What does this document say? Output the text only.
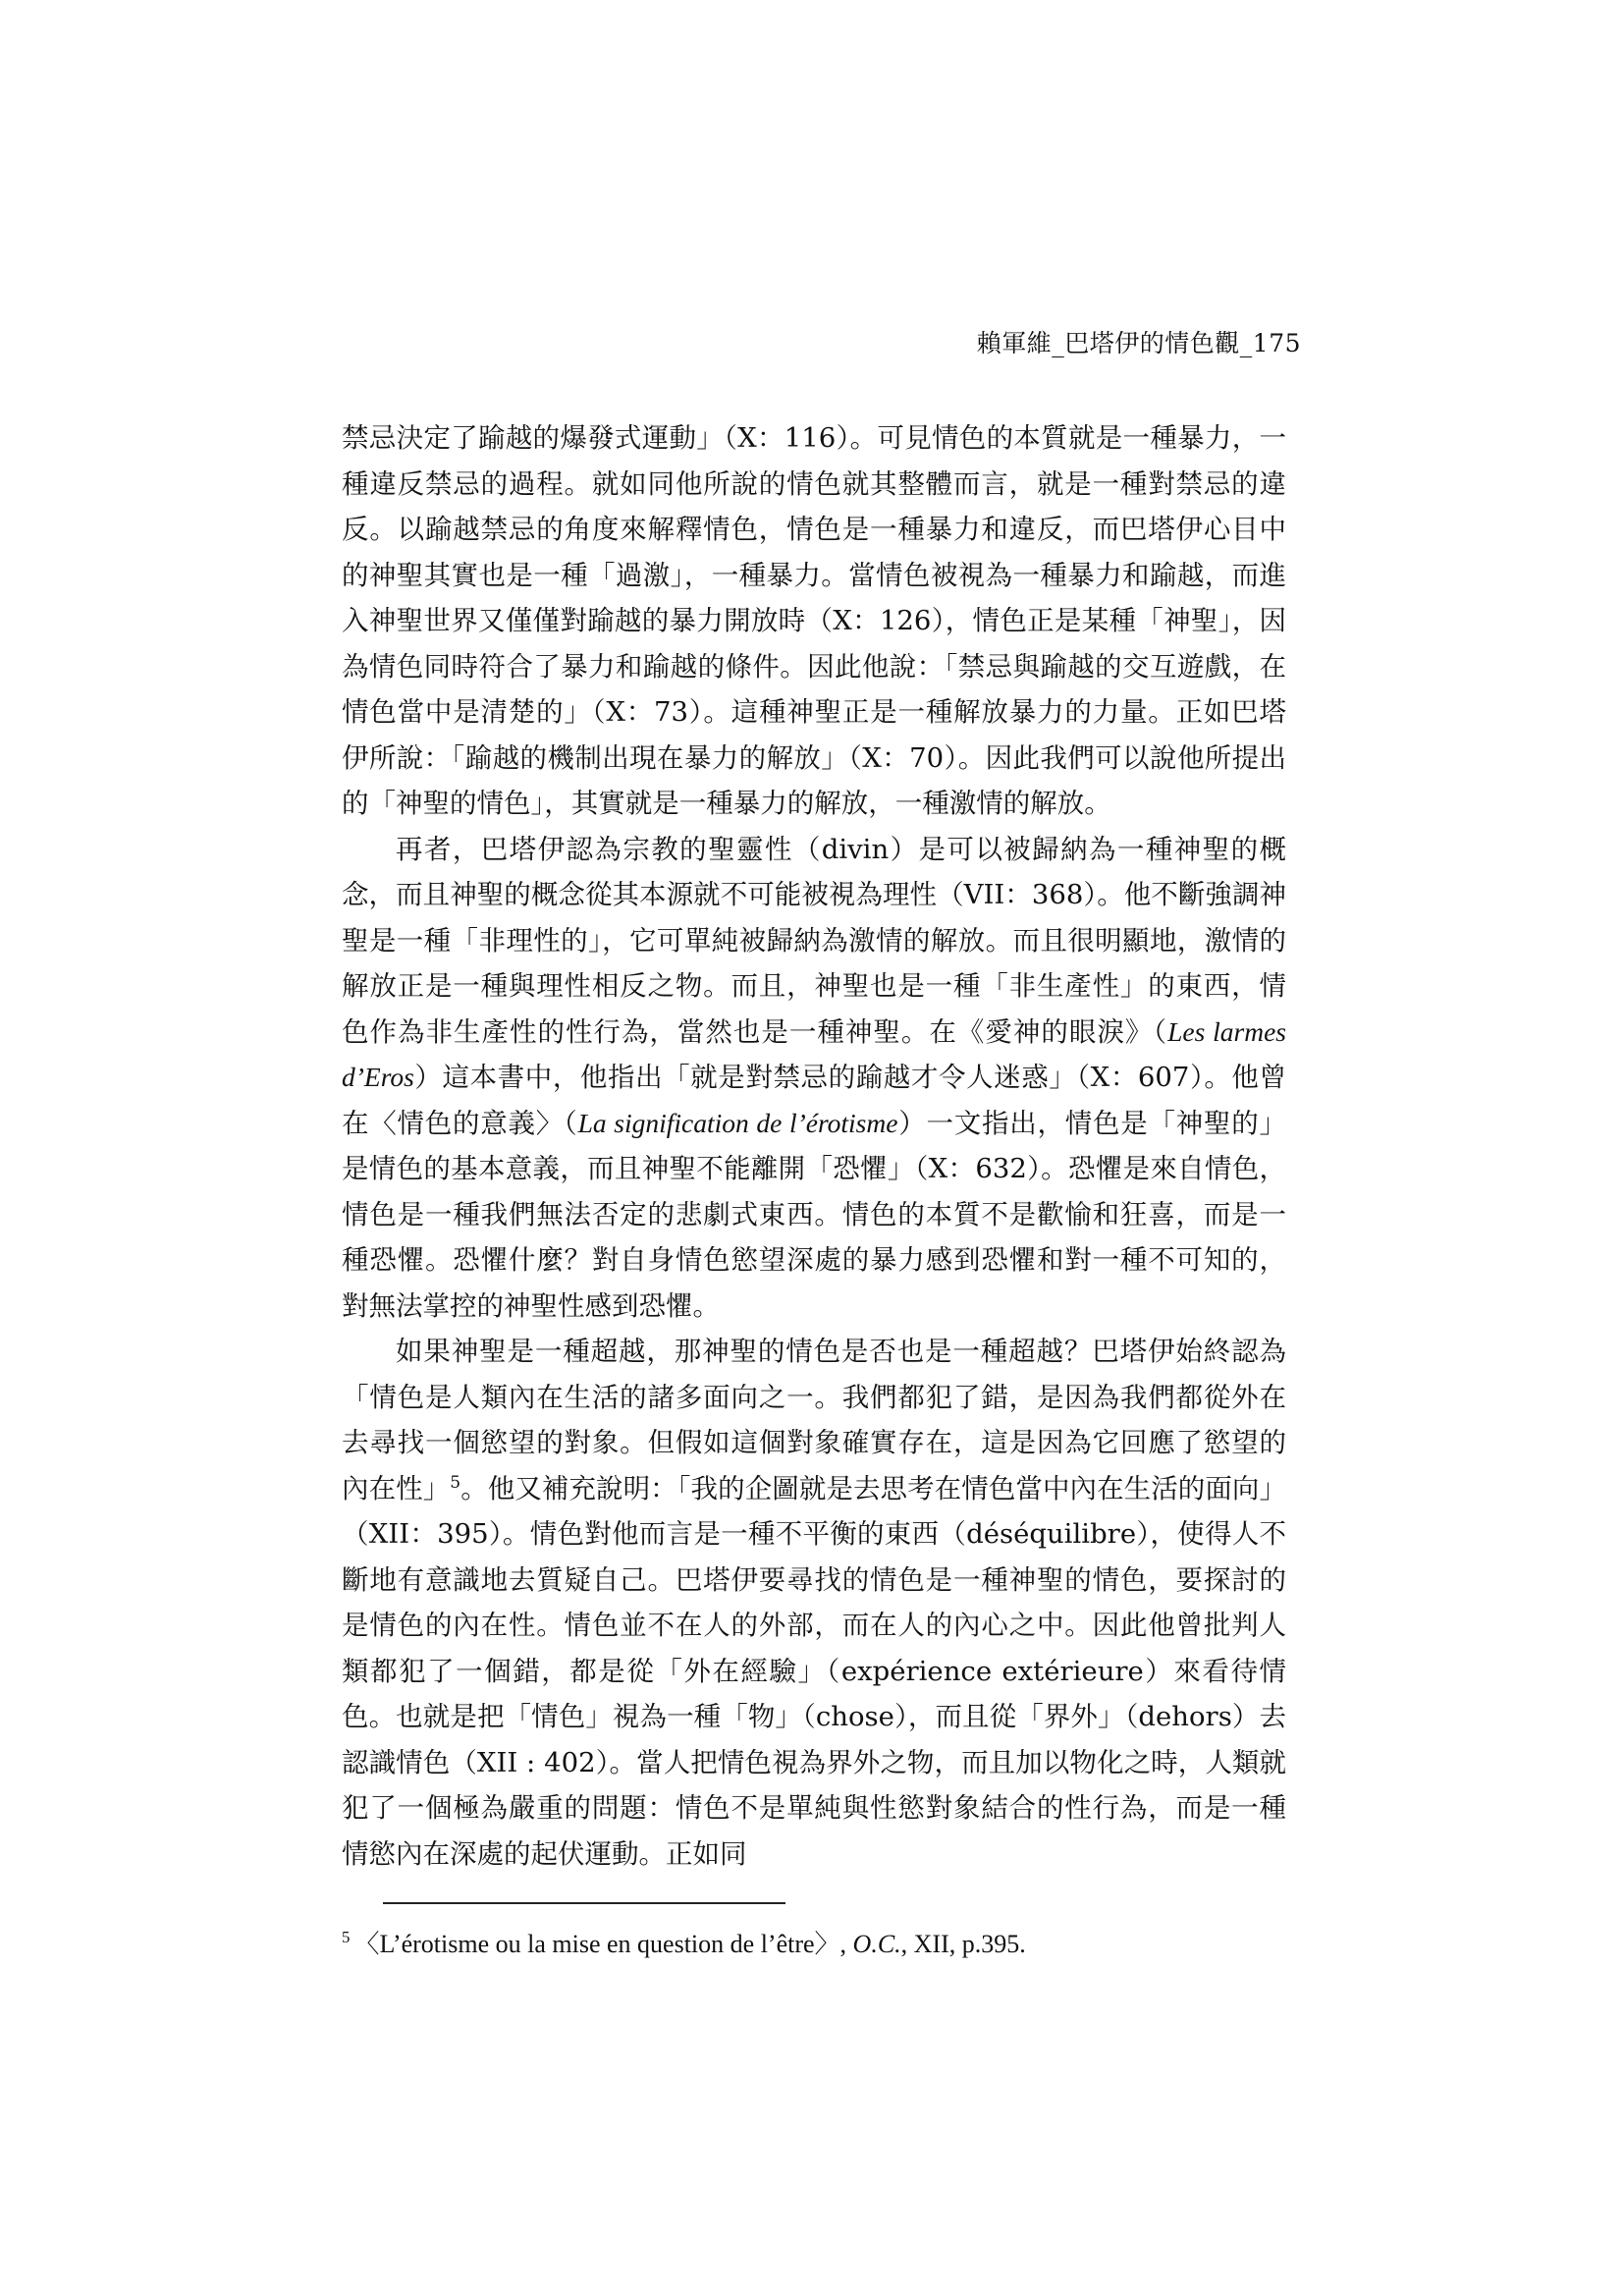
賴軍維_巴塔伊的情色觀_175

禁忌決定了踰越的爆發式運動」（X：116）。可見情色的本質就是一種暴力，一種違反禁忌的過程。就如同他所說的情色就其整體而言，就是一種對禁忌的違反。以踰越禁忌的角度來解釋情色，情色是一種暴力和違反，而巴塔伊心目中的神聖其實也是一種「過激」，一種暴力。當情色被視為一種暴力和踰越，而進入神聖世界又僅僅對踰越的暴力開放時（X：126），情色正是某種「神聖」，因為情色同時符合了暴力和踰越的條件。因此他說：「禁忌與踰越的交互遊戲，在情色當中是清楚的」（X：73）。這種神聖正是一種解放暴力的力量。正如巴塔伊所說：「踰越的機制出現在暴力的解放」（X：70）。因此我們可以說他所提出的「神聖的情色」，其實就是一種暴力的解放，一種激情的解放。

再者，巴塔伊認為宗教的聖靈性（divin）是可以被歸納為一種神聖的概念，而且神聖的概念從其本源就不可能被視為理性（VII：368）。他不斷強調神聖是一種「非理性的」，它可單純被歸納為激情的解放。而且很明顯地，激情的解放正是一種與理性相反之物。而且，神聖也是一種「非生產性」的東西，情色作為非生產性的性行為，當然也是一種神聖。在《愛神的眼淚》（Les larmes d’Eros）這本書中，他指出「就是對禁忌的踰越才令人迷惑」（X：607）。他曾在〈情色的意義〉（La signification de l’érotisme）一文指出，情色是「神聖的」是情色的基本意義，而且神聖不能離開「恐懼」（X：632）。恐懼是來自情色，情色是一種我們無法否定的悲劇式東西。情色的本質不是歡愉和狂喜，而是一種恐懼。恐懼什麼？對自身情色慾望深處的暴力感到恐懼和對一種不可知的，對無法掌控的神聖性感到恐懼。

如果神聖是一種超越，那神聖的情色是否也是一種超越？巴塔伊始終認為「情色是人類內在生活的諸多面向之一。我們都犯了錯，是因為我們都從外在去尋找一個慾望的對象。但假如這個對象確實存在，這是因為它回應了慾望的內在性」$^5$。他又補充說明：「我的企圖就是去思考在情色當中內在生活的面向」（XII：395）。情色對他而言是一種不平衡的東西（déséquilibre），使得人不斷地有意識地去質疑自己。巴塔伊要尋找的情色是一種神聖的情色，要探討的是情色的內在性。情色並不在人的外部，而在人的內心之中。因此他曾批判人類都犯了一個錯，都是從「外在經驗」（expérience extérieure）來看待情色。也就是把「情色」視為一種「物」（chose），而且從「界外」（dehors）去認識情色（XII : 402）。當人把情色視為界外之物，而且加以物化之時，人類就犯了一個極為嚴重的問題：情色不是單純與性慾對象結合的性行為，而是一種情慾內在深處的起伏運動。正如同

$^5$ 〈L’érotisme ou la mise en question de l’être〉, O.C., XII, p.395.
